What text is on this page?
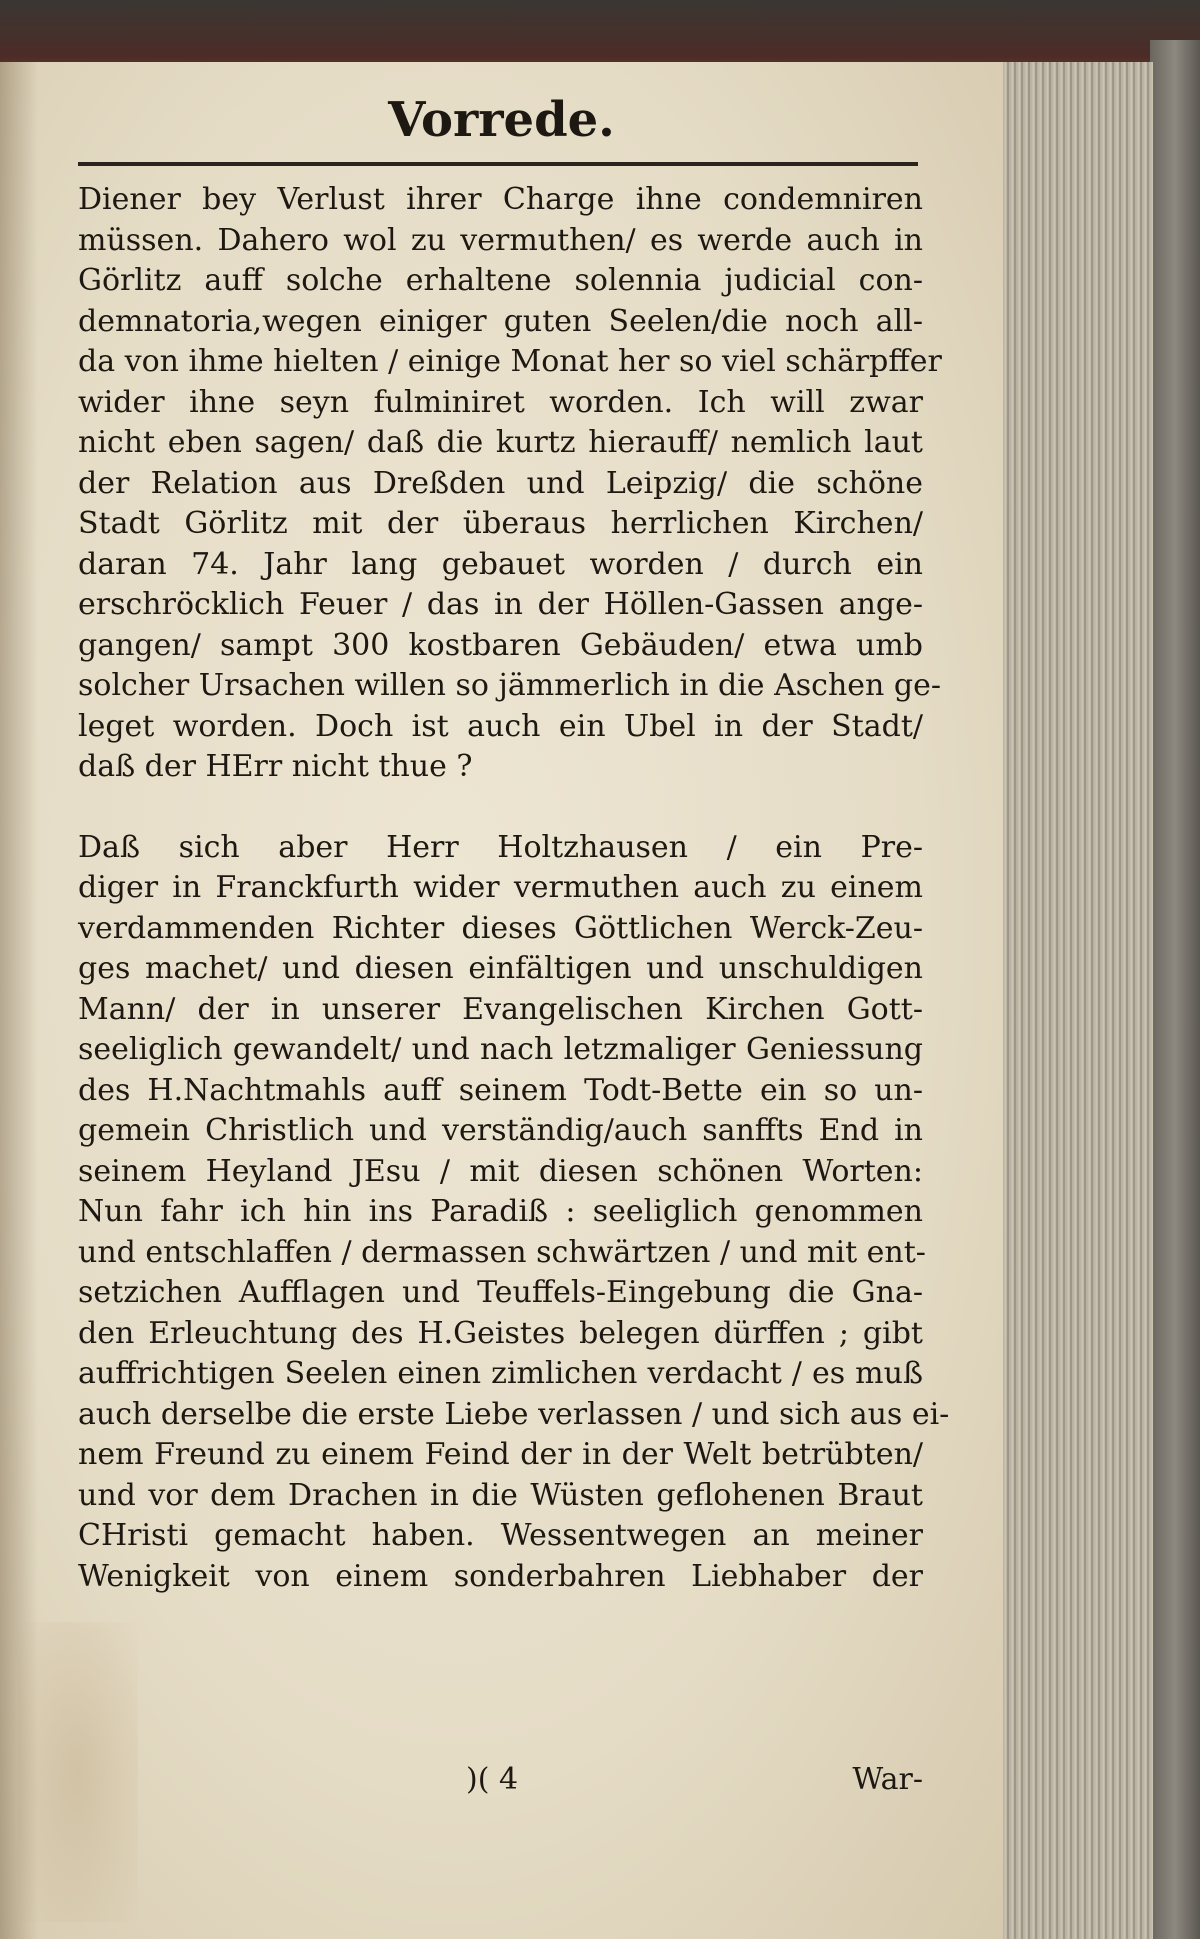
Vorrede.
Diener bey Verlust ihrer Charge ihne condemniren
müssen. Dahero wol zu vermuthen/ es werde auch in
Görlitz auff solche erhaltene solennia judicial con-
demnatoria,wegen einiger guten Seelen/die noch all-
da von ihme hielten / einige Monat her so viel schärpffer
wider ihne seyn fulminiret worden. Ich will zwar
nicht eben sagen/ daß die kurtz hierauff/ nemlich laut
der Relation aus Dreßden und Leipzig/ die schöne
Stadt Görlitz mit der überaus herrlichen Kirchen/
daran 74. Jahr lang gebauet worden / durch ein
erschröcklich Feuer / das in der Höllen-Gassen ange-
gangen/ sampt 300 kostbaren Gebäuden/ etwa umb
solcher Ursachen willen so jämmerlich in die Aschen ge-
leget worden. Doch ist auch ein Ubel in der Stadt/
daß der HErr nicht thue ?
Daß sich aber Herr Holtzhausen / ein Pre-
diger in Franckfurth wider vermuthen auch zu einem
verdammenden Richter dieses Göttlichen Werck-Zeu-
ges machet/ und diesen einfältigen und unschuldigen
Mann/ der in unserer Evangelischen Kirchen Gott-
seeliglich gewandelt/ und nach letzmaliger Geniessung
des H.Nachtmahls auff seinem Todt-Bette ein so un-
gemein Christlich und verständig/auch sanffts End in
seinem Heyland JEsu / mit diesen schönen Worten:
Nun fahr ich hin ins Paradiß : seeliglich genommen
und entschlaffen / dermassen schwärtzen / und mit ent-
setzichen Aufflagen und Teuffels-Eingebung die Gna-
den Erleuchtung des H.Geistes belegen dürffen ; gibt
auffrichtigen Seelen einen zimlichen verdacht / es muß
auch derselbe die erste Liebe verlassen / und sich aus ei-
nem Freund zu einem Feind der in der Welt betrübten/
und vor dem Drachen in die Wüsten geflohenen Braut
CHristi gemacht haben. Wessentwegen an meiner
Wenigkeit von einem sonderbahren Liebhaber der
)( 4	War-
